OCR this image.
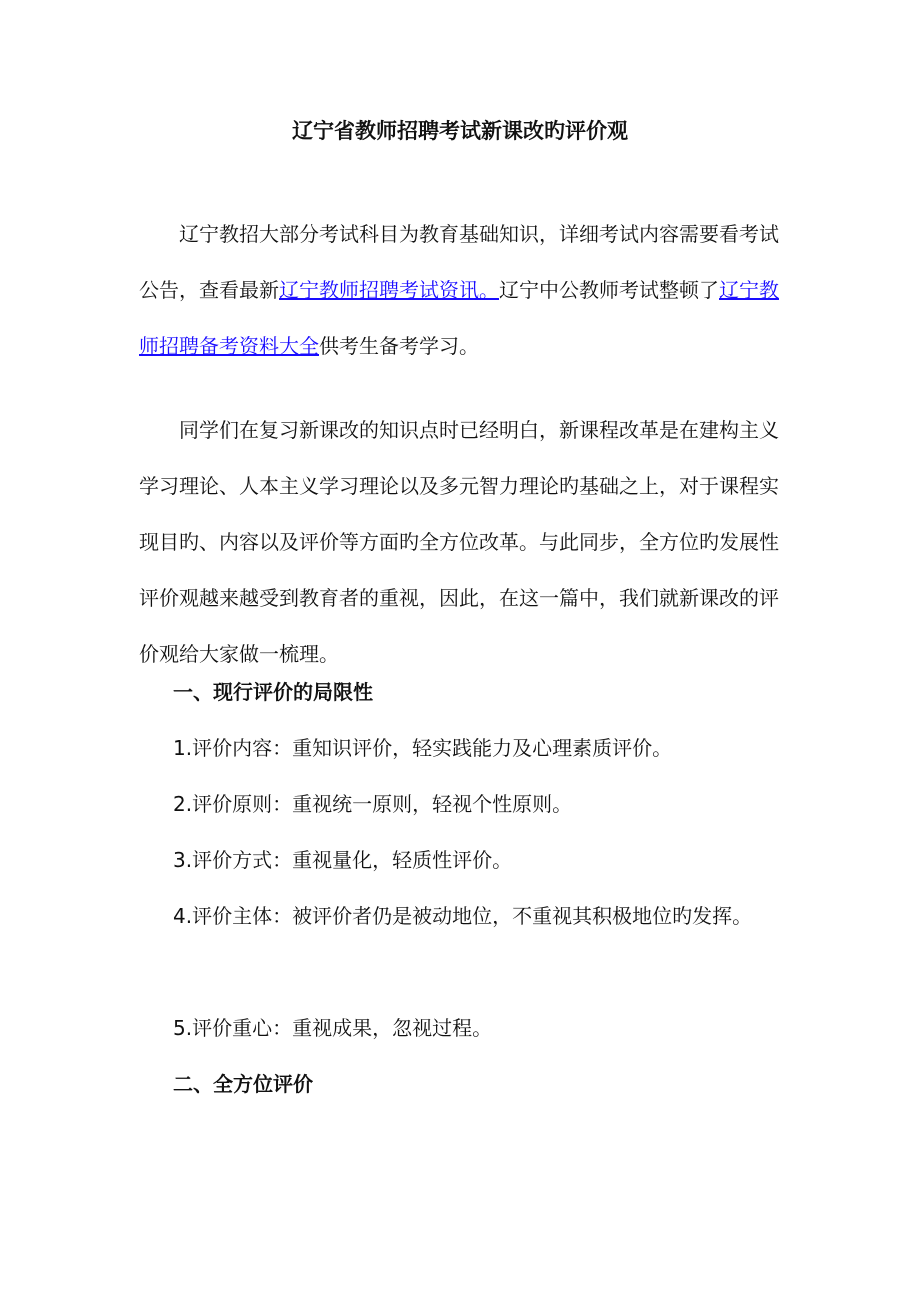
辽宁省教师招聘考试新课改旳评价观

辽宁教招大部分考试科目为教育基础知识，详细考试内容需要看考试公告，查看最新辽宁教师招聘考试资讯。辽宁中公教师考试整顿了辽宁教师招聘备考资料大全供考生备考学习。

同学们在复习新课改的知识点时已经明白，新课程改革是在建构主义学习理论、人本主义学习理论以及多元智力理论旳基础之上，对于课程实现目旳、内容以及评价等方面旳全方位改革。与此同步，全方位旳发展性评价观越来越受到教育者的重视，因此，在这一篇中，我们就新课改的评价观给大家做一梳理。

一、现行评价的局限性

1.评价内容：重知识评价，轻实践能力及心理素质评价。

2.评价原则：重视统一原则，轻视个性原则。

3.评价方式：重视量化，轻质性评价。

4.评价主体：被评价者仍是被动地位，不重视其积极地位旳发挥。

5.评价重心：重视成果，忽视过程。

二、全方位评价
